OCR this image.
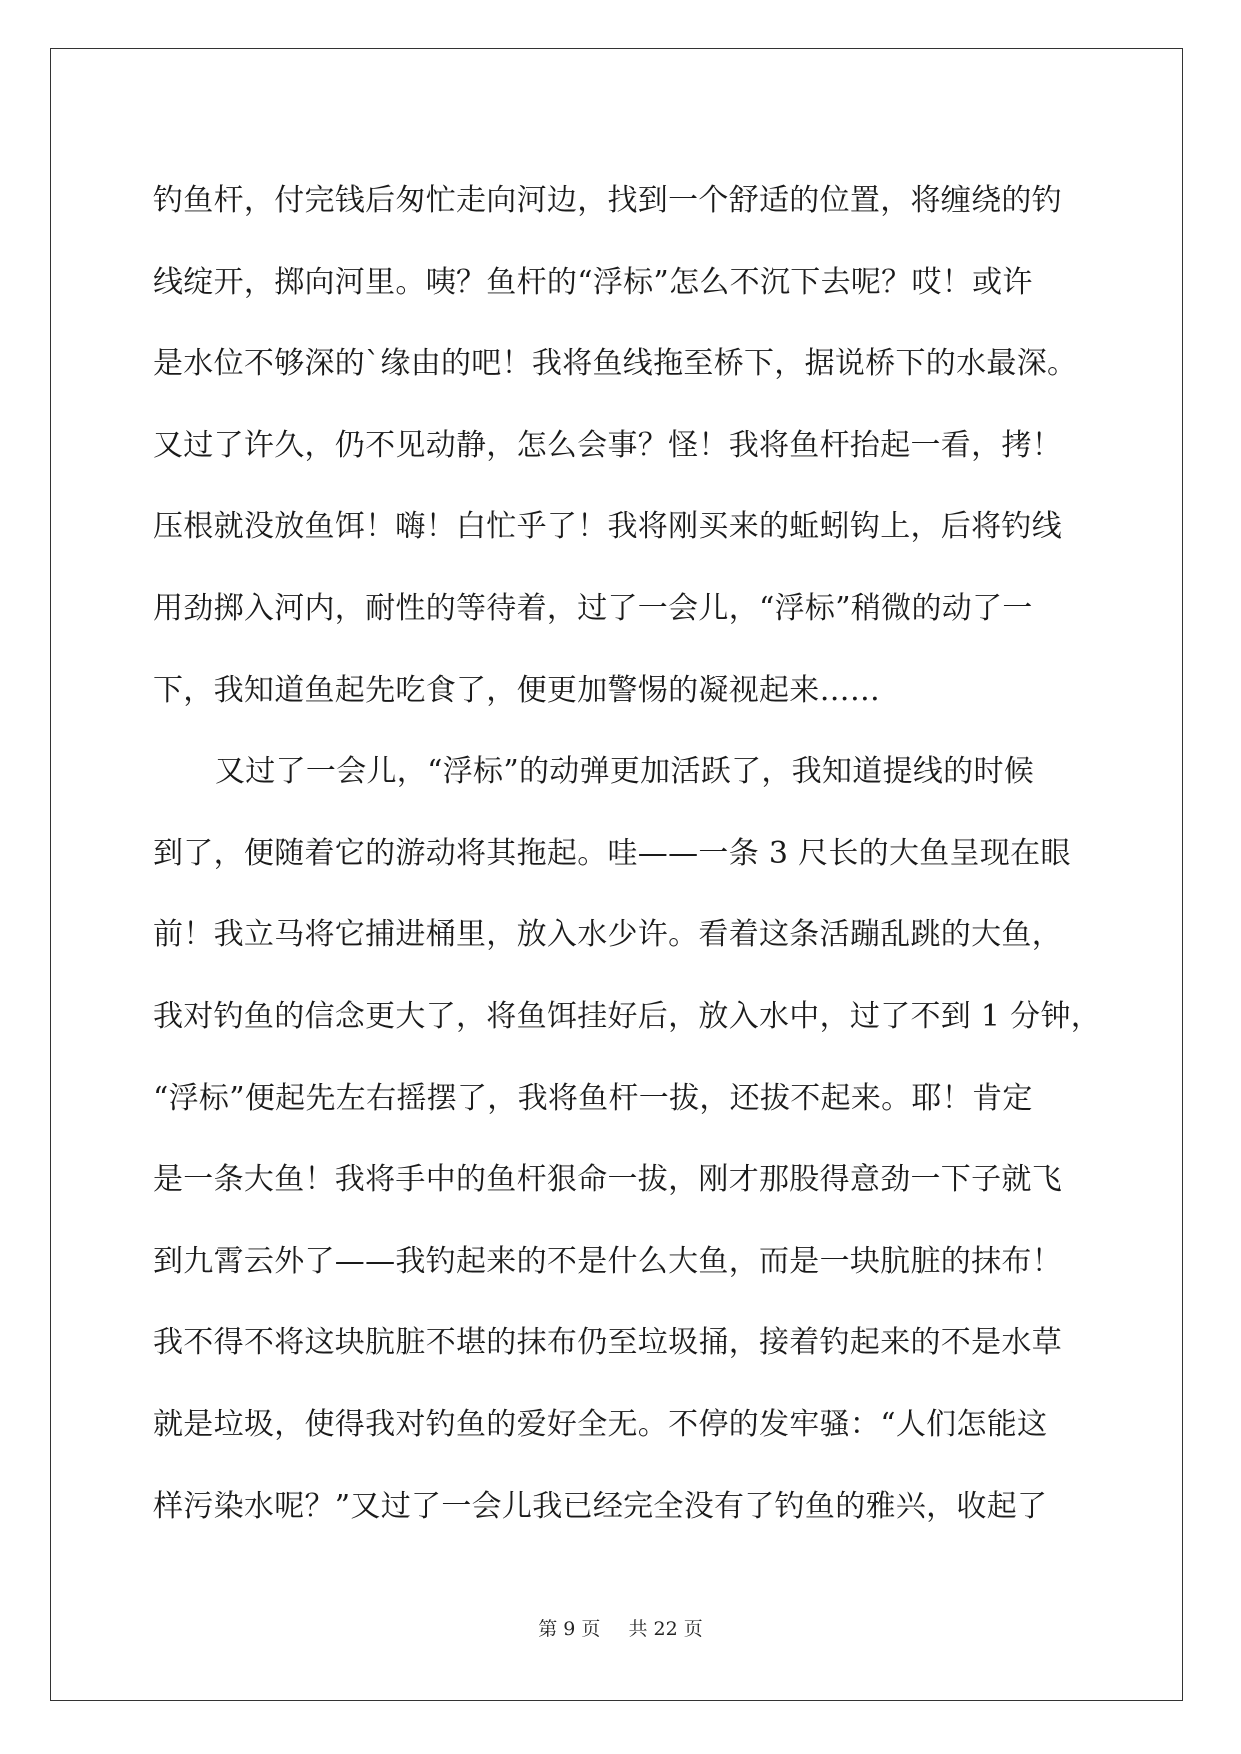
钓鱼杆，付完钱后匆忙走向河边，找到一个舒适的位置，将缠绕的钓
线绽开，掷向河里。咦？鱼杆的“浮标”怎么不沉下去呢？哎！或许
是水位不够深的`缘由的吧！我将鱼线拖至桥下，据说桥下的水最深。
又过了许久，仍不见动静，怎么会事？怪！我将鱼杆抬起一看，拷！
压根就没放鱼饵！嗨！白忙乎了！我将刚买来的蚯蚓钩上，后将钓线
用劲掷入河内，耐性的等待着，过了一会儿，“浮标”稍微的动了一
下，我知道鱼起先吃食了，便更加警惕的凝视起来……
又过了一会儿，“浮标”的动弹更加活跃了，我知道提线的时候
到了，便随着它的游动将其拖起。哇——一条 3 尺长的大鱼呈现在眼
前！我立马将它捕进桶里，放入水少许。看着这条活蹦乱跳的大鱼，
我对钓鱼的信念更大了，将鱼饵挂好后，放入水中，过了不到 1 分钟，
“浮标”便起先左右摇摆了，我将鱼杆一拔，还拔不起来。耶！肯定
是一条大鱼！我将手中的鱼杆狠命一拔，刚才那股得意劲一下子就飞
到九霄云外了——我钓起来的不是什么大鱼，而是一块肮脏的抹布！
我不得不将这块肮脏不堪的抹布仍至垃圾捅，接着钓起来的不是水草
就是垃圾，使得我对钓鱼的爱好全无。不停的发牢骚：“人们怎能这
样污染水呢？”又过了一会儿我已经完全没有了钓鱼的雅兴，收起了
第 9 页 共 22 页
